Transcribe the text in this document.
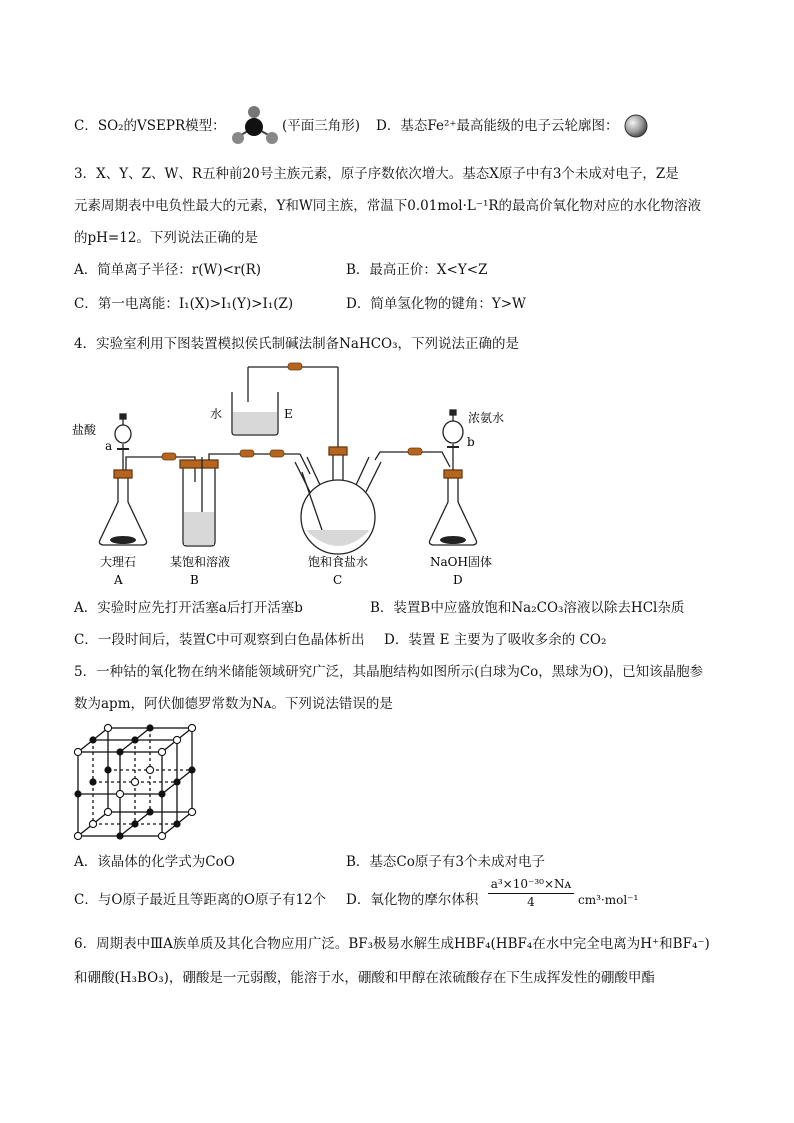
C．SO₂的VSEPR模型：	(平面三角形) D．基态Fe²⁺最高能级的电子云轮廓图：
3．X、Y、Z、W、R五种前20号主族元素，原子序数依次增大。基态X原子中有3个未成对电子，Z是
元素周期表中电负性最大的元素，Y和W同主族，常温下0.01mol·L⁻¹R的最高价氧化物对应的水化物溶液
的pH=12。下列说法正确的是
A．简单离子半径：r(W)<r(R)	B．最高正价：X<Y<Z
C．第一电离能：I₁(X)>I₁(Y)>I₁(Z)	D．简单氢化物的键角：Y>W
4．实验室利用下图装置模拟侯氏制碱法制备NaHCO₃，下列说法正确的是
盐酸
a
大理石
水	E
某饱和溶液	饱和食盐水
浓氨水
b
NaOH固体
A	B	C	D
A．实验时应先打开活塞a后打开活塞b	B．装置B中应盛放饱和Na₂CO₃溶液以除去HCl杂质
C．一段时间后，装置C中可观察到白色晶体析出 D．装置 E 主要为了吸收多余的 CO₂
5．一种钴的氧化物在纳米储能领域研究广泛，其晶胞结构如图所示(白球为Co，黑球为O)，已知该晶胞参
数为apm，阿伏伽德罗常数为Nᴀ。下列说法错误的是
A．该晶体的化学式为CoO	B．基态Co原子有3个未成对电子
C．与O原子最近且等距离的O原子有12个 D．氧化物的摩尔体积 $\frac{\text{a³×10⁻³⁰×Nᴀ}}{4} cm^3\cdot mol^{-1}$
6．周期表中ⅢA族单质及其化合物应用广泛。BF₃极易水解生成HBF₄(HBF₄在水中完全电离为H⁺和BF₄⁻)
和硼酸(H₃BO₃)，硼酸是一元弱酸，能溶于水，硼酸和甲醇在浓硫酸存在下生成挥发性的硼酸甲酯
